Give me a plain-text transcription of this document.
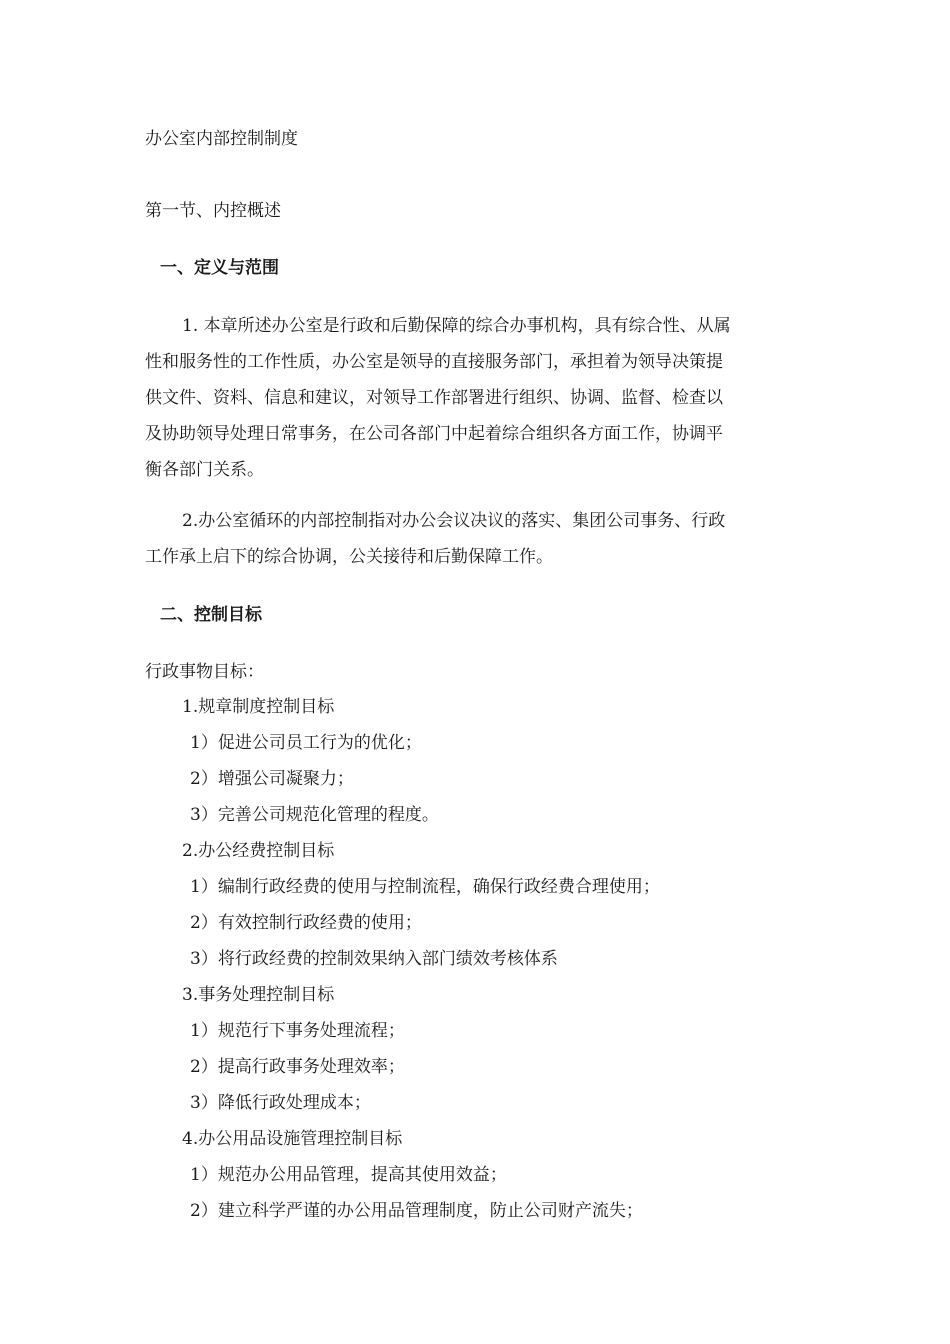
办公室内部控制制度
第一节、内控概述
一、定义与范围
1. 本章所述办公室是行政和后勤保障的综合办事机构，具有综合性、从属
性和服务性的工作性质，办公室是领导的直接服务部门，承担着为领导决策提
供文件、资料、信息和建议，对领导工作部署进行组织、协调、监督、检查以
及协助领导处理日常事务，在公司各部门中起着综合组织各方面工作，协调平
衡各部门关系。
2.办公室循环的内部控制指对办公会议决议的落实、集团公司事务、行政
工作承上启下的综合协调，公关接待和后勤保障工作。
二、控制目标
行政事物目标：
1.规章制度控制目标
1）促进公司员工行为的优化；
2）增强公司凝聚力；
3）完善公司规范化管理的程度。
2.办公经费控制目标
1）编制行政经费的使用与控制流程，确保行政经费合理使用；
2）有效控制行政经费的使用；
3）将行政经费的控制效果纳入部门绩效考核体系
3.事务处理控制目标
1）规范行下事务处理流程；
2）提高行政事务处理效率；
3）降低行政处理成本；
4.办公用品设施管理控制目标
1）规范办公用品管理，提高其使用效益；
2）建立科学严谨的办公用品管理制度，防止公司财产流失；
